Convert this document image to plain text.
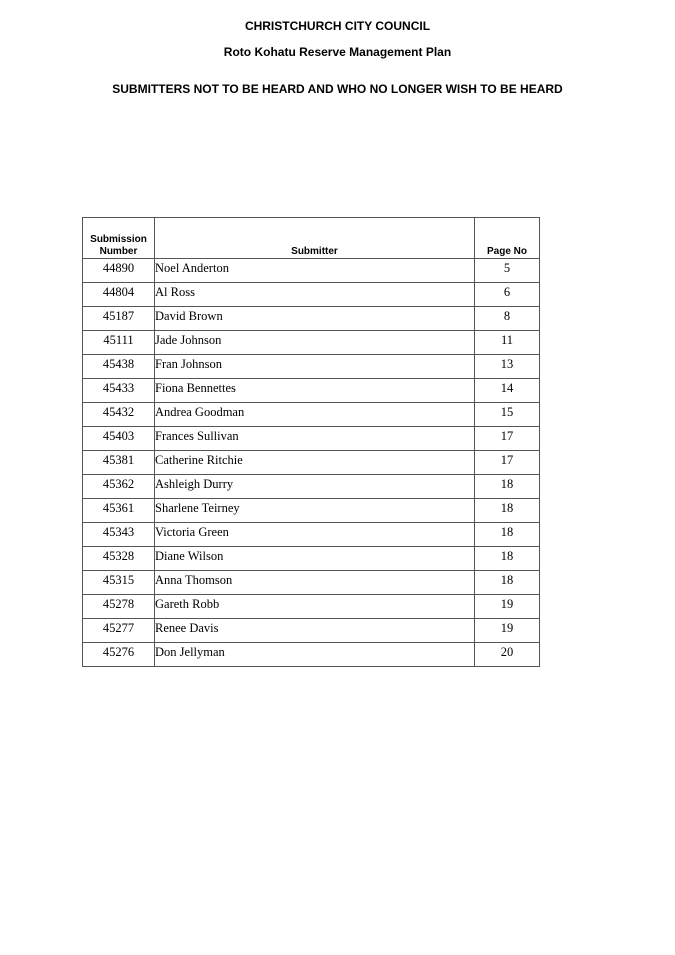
CHRISTCHURCH CITY COUNCIL
Roto Kohatu Reserve Management Plan
SUBMITTERS NOT TO BE HEARD AND WHO NO LONGER WISH TO BE HEARD
Submission
Number	Submitter	Page No
44890	Noel Anderton	5
44804	Al Ross	6
45187	David Brown	8
45111	Jade Johnson	11
45438	Fran Johnson	13
45433	Fiona Bennettes	14
45432	Andrea Goodman	15
45403	Frances Sullivan	17
45381	Catherine Ritchie	17
45362	Ashleigh Durry	18
45361	Sharlene Teirney	18
45343	Victoria Green	18
45328	Diane Wilson	18
45315	Anna Thomson	18
45278	Gareth Robb	19
45277	Renee Davis	19
45276	Don Jellyman	20
